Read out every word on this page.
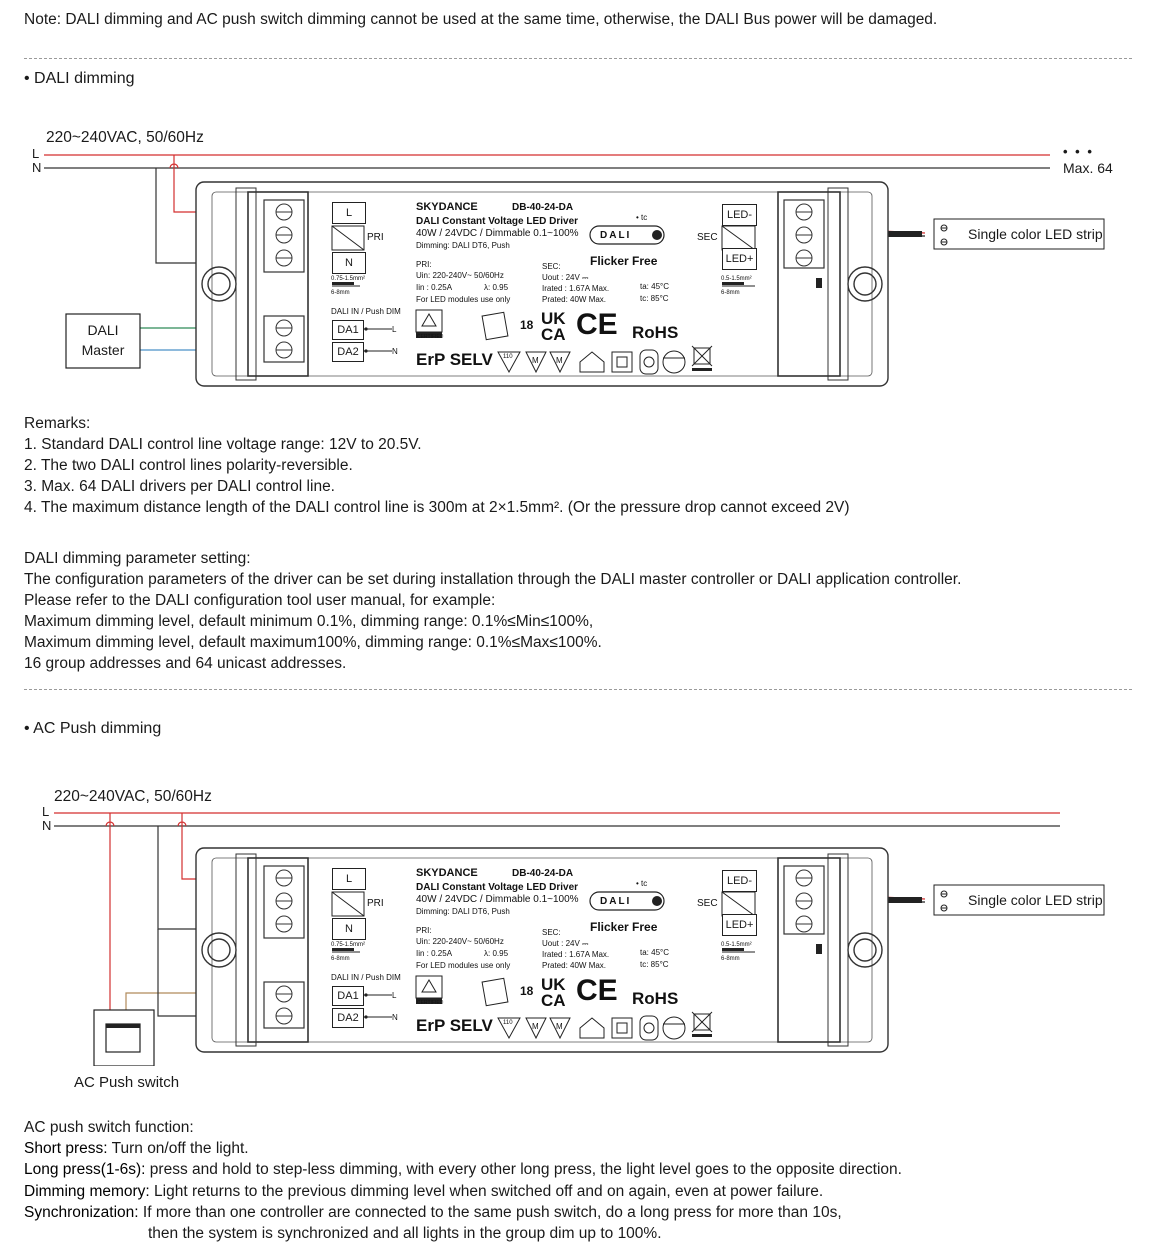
Note: DALI dimming and AC push switch dimming cannot be used at the same time, otherwise, the DALI Bus power will be damaged.
• DALI dimming
220~240VAC, 50/60Hz
L
N
• • •
Max. 64
DALI
Master
Single color LED strip
SKYDANCE	DB-40-24-DA
DALI Constant Voltage LED Driver
40W / 24VDC / Dimmable 0.1~100%
Dimming: DALI DT6, Push
PRI:
Uin: 220-240V~ 50/60Hz
Iin : 0.25A	λ: 0.95
For LED modules use only
SEC:
Uout : 24V ⎓
Irated : 1.67A Max.
Prated: 40W Max.
ta: 45°C
tc: 85°C
• tc
DALI
Flicker Free
L
PRI
N
0.75-1.5mm²
6-8mm
DALI IN / Push DIM
DA1
DA2
L
N
LED-
SEC
LED+
0.5-1.5mm²
6-8mm
CERTIFIED
18 UK
CA CE RoHS
ErP SELV 110 M M
Remarks:
1. Standard DALI control line voltage range: 12V to 20.5V.
2. The two DALI control lines polarity-reversible.
3. Max. 64 DALI drivers per DALI control line.
4. The maximum distance length of the DALI control line is 300m at 2×1.5mm². (Or the pressure drop cannot exceed 2V)
DALI dimming parameter setting:
The configuration parameters of the driver can be set during installation through the DALI master controller or DALI application controller.
Please refer to the DALI configuration tool user manual, for example:
Maximum dimming level, default minimum 0.1%, dimming range: 0.1%≤Min≤100%,
Maximum dimming level, default maximum100%, dimming range: 0.1%≤Max≤100%.
16 group addresses and 64 unicast addresses.
• AC Push dimming
220~240VAC, 50/60Hz
L
N
Single color LED strip
SKYDANCE	DB-40-24-DA
DALI Constant Voltage LED Driver
40W / 24VDC / Dimmable 0.1~100%
Dimming: DALI DT6, Push
PRI:
Uin: 220-240V~ 50/60Hz
Iin : 0.25A	λ: 0.95
For LED modules use only
SEC:
Uout : 24V ⎓
Irated : 1.67A Max.
Prated: 40W Max.
ta: 45°C
tc: 85°C
• tc
DALI
Flicker Free
L
PRI
N
0.75-1.5mm²
6-8mm
DALI IN / Push DIM
DA1
DA2
L
N
LED-
SEC
LED+
0.5-1.5mm²
6-8mm
CERTIFIED
18 UK
CA CE RoHS
ErP SELV 110 M M
AC Push switch
AC push switch function:
Short press: Turn on/off the light.
Long press(1-6s): press and hold to step-less dimming, with every other long press, the light level goes to the opposite direction.
Dimming memory: Light returns to the previous dimming level when switched off and on again, even at power failure.
Synchronization: If more than one controller are connected to the same push switch, do a long press for more than 10s,
then the system is synchronized and all lights in the group dim up to 100%.
